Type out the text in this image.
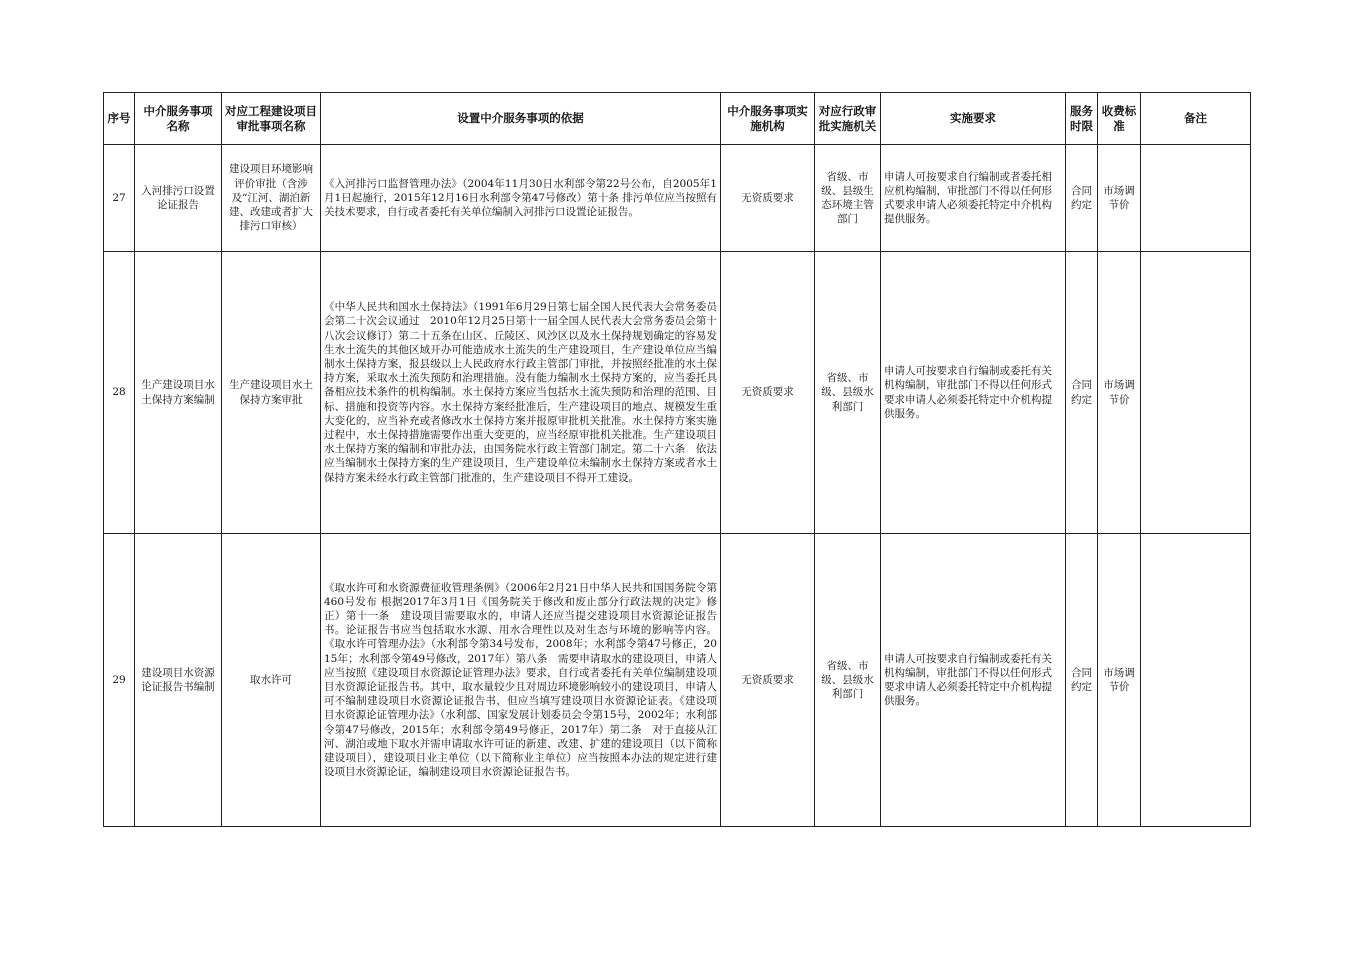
序号	中介服务事项名称	对应工程建设项目审批事项名称	设置中介服务事项的依据	中介服务事项实施机构	对应行政审批实施机关	实施要求	服务时限	收费标准	备注
27	入河排污口设置论证报告	建设项目环境影响评价审批（含涉及“江河、湖泊新建、改建或者扩大排污口审核）	《入河排污口监督管理办法》（2004年11月30日水利部令第22号公布，自2005年1月1日起施行，2015年12月16日水利部令第47号修改）第十条 排污单位应当按照有关技术要求，自行或者委托有关单位编制入河排污口设置论证报告。	无资质要求	省级、市级、县级生态环境主管部门	申请人可按要求自行编制或者委托相应机构编制，审批部门不得以任何形式要求申请人必须委托特定中介机构提供服务。	合同约定	市场调节价	
28	生产建设项目水土保持方案编制	生产建设项目水土保持方案审批	《中华人民共和国水土保持法》（1991年6月29日第七届全国人民代表大会常务委员会第二十次会议通过　2010年12月25日第十一届全国人民代表大会常务委员会第十八次会议修订）第二十五条在山区、丘陵区、风沙区以及水土保持规划确定的容易发生水土流失的其他区域开办可能造成水土流失的生产建设项目，生产建设单位应当编制水土保持方案，报县级以上人民政府水行政主管部门审批，并按照经批准的水土保持方案，采取水土流失预防和治理措施。没有能力编制水土保持方案的，应当委托具备相应技术条件的机构编制。水土保持方案应当包括水土流失预防和治理的范围、目标、措施和投资等内容。水土保持方案经批准后，生产建设项目的地点、规模发生重大变化的，应当补充或者修改水土保持方案并报原审批机关批准。水土保持方案实施过程中，水土保持措施需要作出重大变更的，应当经原审批机关批准。生产建设项目水土保持方案的编制和审批办法，由国务院水行政主管部门制定。第二十六条　依法应当编制水土保持方案的生产建设项目，生产建设单位未编制水土保持方案或者水土保持方案未经水行政主管部门批准的，生产建设项目不得开工建设。	无资质要求	省级、市级、县级水利部门	申请人可按要求自行编制或委托有关机构编制，审批部门不得以任何形式要求申请人必须委托特定中介机构提供服务。	合同约定	市场调节价	
29	建设项目水资源论证报告书编制	取水许可	《取水许可和水资源费征收管理条例》（2006年2月21日中华人民共和国国务院令第460号发布 根据2017年3月1日《国务院关于修改和废止部分行政法规的决定》修正）第十一条　建设项目需要取水的，申请人还应当提交建设项目水资源论证报告书。论证报告书应当包括取水水源、用水合理性以及对生态与环境的影响等内容。《取水许可管理办法》（水利部令第34号发布，2008年；水利部令第47号修正，2015年；水利部令第49号修改，2017年）第八条　需要申请取水的建设项目，申请人应当按照《建设项目水资源论证管理办法》要求，自行或者委托有关单位编制建设项目水资源论证报告书。其中，取水量较少且对周边环境影响较小的建设项目，申请人可不编制建设项目水资源论证报告书，但应当填写建设项目水资源论证表。《建设项目水资源论证管理办法》（水利部、国家发展计划委员会令第15号，2002年；水利部令第47号修改，2015年；水利部令第49号修正，2017年）第二条　对于直接从江河、湖泊或地下取水并需申请取水许可证的新建、改建、扩建的建设项目（以下简称建设项目），建设项目业主单位（以下简称业主单位）应当按照本办法的规定进行建设项目水资源论证，编制建设项目水资源论证报告书。	无资质要求	省级、市级、县级水利部门	申请人可按要求自行编制或委托有关机构编制，审批部门不得以任何形式要求申请人必须委托特定中介机构提供服务。	合同约定	市场调节价	
